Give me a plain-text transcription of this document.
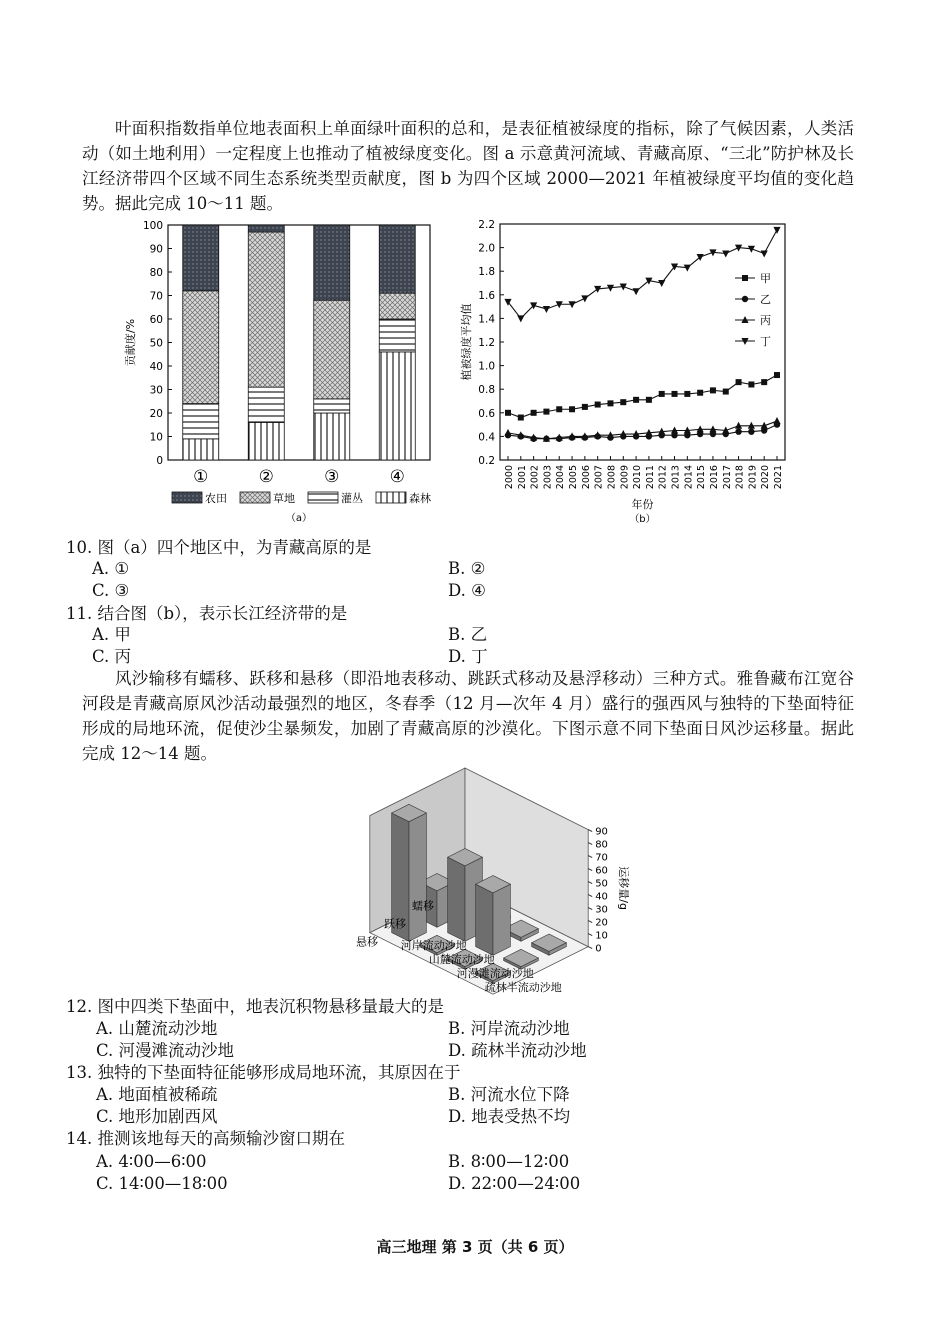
叶面积指数指单位地表面积上单面绿叶面积的总和，是表征植被绿度的指标，除了气候因素，人类活动（如土地利用）一定程度上也推动了植被绿度变化。图 a 示意黄河流域、青藏高原、“三北”防护林及长江经济带四个区域不同生态系统类型贡献度，图 b 为四个区域 2000—2021 年植被绿度平均值的变化趋势。据此完成 10～11 题。

0
10
20
30
40
50
60
70
80
90
100
贡献度/%
①	②	③	④
农田	草地	灌丛	森林
（a）
0.2
0.4
0.6
0.8
1.0
1.2
1.4
1.6
1.8
2.0
2.2
2000 2001 2002 2003 2004 2005 2006 2007 2008 2009 2010 2011 2012 2013 2014 2015 2016 2017 2018 2019 2020 2021
年份
（b）
植被绿度平均值
甲
乙
丙
丁
10. 图（a）四个地区中，为青藏高原的是
A. ①	B. ②
C. ③	D. ④
11. 结合图（b），表示长江经济带的是
A. 甲	B. 乙
C. 丙	D. 丁

风沙输移有蠕移、跃移和悬移（即沿地表移动、跳跃式移动及悬浮移动）三种方式。雅鲁藏布江宽谷河段是青藏高原风沙活动最强烈的地区，冬春季（12 月—次年 4 月）盛行的强西风与独特的下垫面特征形成的局地环流，促使沙尘暴频发，加剧了青藏高原的沙漠化。下图示意不同下垫面日风沙运移量。据此完成 12～14 题。

0
10
20
30
40
50
60
70
80
90
运移量/g
蠕移
跃移
悬移 河岸流动沙地
山麓流动沙地
河漫滩流动沙地
疏林半流动沙地
12. 图中四类下垫面中，地表沉积物悬移量最大的是
A. 山麓流动沙地	B. 河岸流动沙地
C. 河漫滩流动沙地	D. 疏林半流动沙地
13. 独特的下垫面特征能够形成局地环流，其原因在于
A. 地面植被稀疏	B. 河流水位下降
C. 地形加剧西风	D. 地表受热不均
14. 推测该地每天的高频输沙窗口期在
A. 4∶00—6∶00	B. 8∶00—12∶00
C. 14∶00—18∶00	D. 22∶00—24∶00
高三地理 第 3 页（共 6 页）
